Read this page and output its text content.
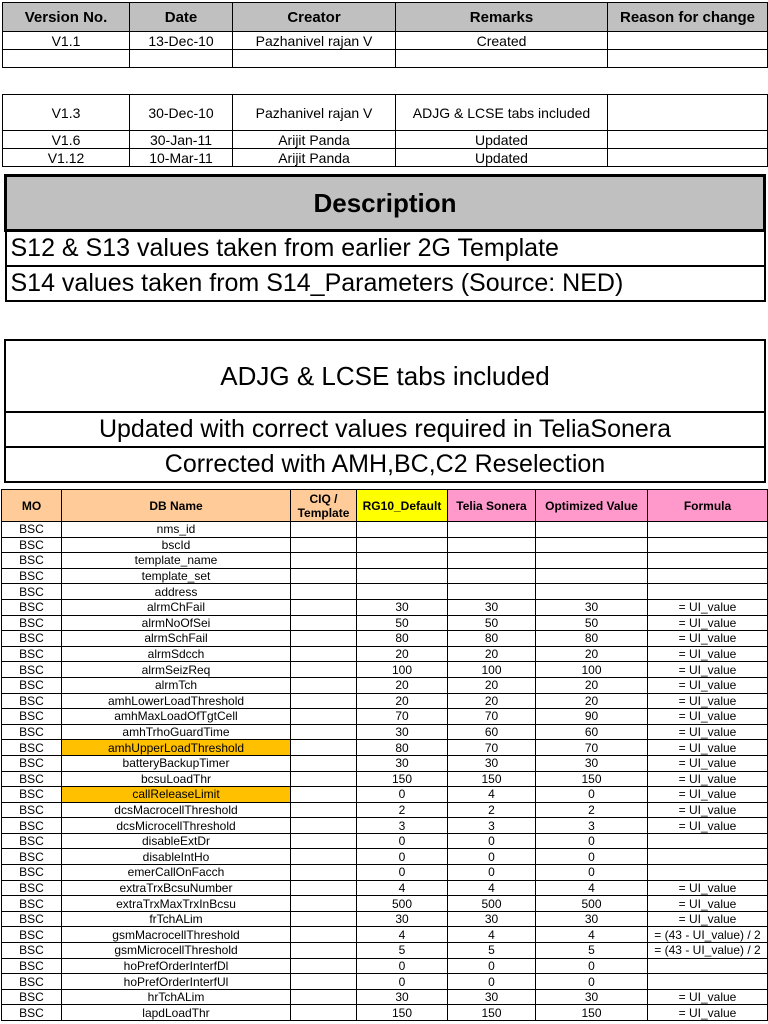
Version No.	Date	Creator	Remarks	Reason for change
V1.1	13-Dec-10	Pazhanivel rajan V	Created	

V1.3	30-Dec-10	Pazhanivel rajan V	ADJG & LCSE tabs included	
V1.6	30-Jan-11	Arijit Panda	Updated	
V1.12	10-Mar-11	Arijit Panda	Updated	
Description
S12 & S13 values taken from earlier 2G Template
S14 values taken from S14_Parameters (Source: NED)
ADJG & LCSE tabs included
Updated with correct values required in TeliaSonera
Corrected with AMH,BC,C2 Reselection
MO	DB Name	CIQ / Template	RG10_Default	Telia Sonera	Optimized Value	Formula
BSC	nms_id					
BSC	bscId					
BSC	template_name					
BSC	template_set					
BSC	address					
BSC	alrmChFail		30	30	30	= UI_value
BSC	alrmNoOfSei		50	50	50	= UI_value
BSC	alrmSchFail		80	80	80	= UI_value
BSC	alrmSdcch		20	20	20	= UI_value
BSC	alrmSeizReq		100	100	100	= UI_value
BSC	alrmTch		20	20	20	= UI_value
BSC	amhLowerLoadThreshold		20	20	20	= UI_value
BSC	amhMaxLoadOfTgtCell		70	70	90	= UI_value
BSC	amhTrhoGuardTime		30	60	60	= UI_value
BSC	amhUpperLoadThreshold		80	70	70	= UI_value
BSC	batteryBackupTimer		30	30	30	= UI_value
BSC	bcsuLoadThr		150	150	150	= UI_value
BSC	callReleaseLimit		0	4	0	= UI_value
BSC	dcsMacrocellThreshold		2	2	2	= UI_value
BSC	dcsMicrocellThreshold		3	3	3	= UI_value
BSC	disableExtDr		0	0	0	
BSC	disableIntHo		0	0	0	
BSC	emerCallOnFacch		0	0	0	
BSC	extraTrxBcsuNumber		4	4	4	= UI_value
BSC	extraTrxMaxTrxInBcsu		500	500	500	= UI_value
BSC	frTchALim		30	30	30	= UI_value
BSC	gsmMacrocellThreshold		4	4	4	= (43 - UI_value) / 2
BSC	gsmMicrocellThreshold		5	5	5	= (43 - UI_value) / 2
BSC	hoPrefOrderInterfDl		0	0	0	
BSC	hoPrefOrderInterfUl		0	0	0	
BSC	hrTchALim		30	30	30	= UI_value
BSC	lapdLoadThr		150	150	150	= UI_value
